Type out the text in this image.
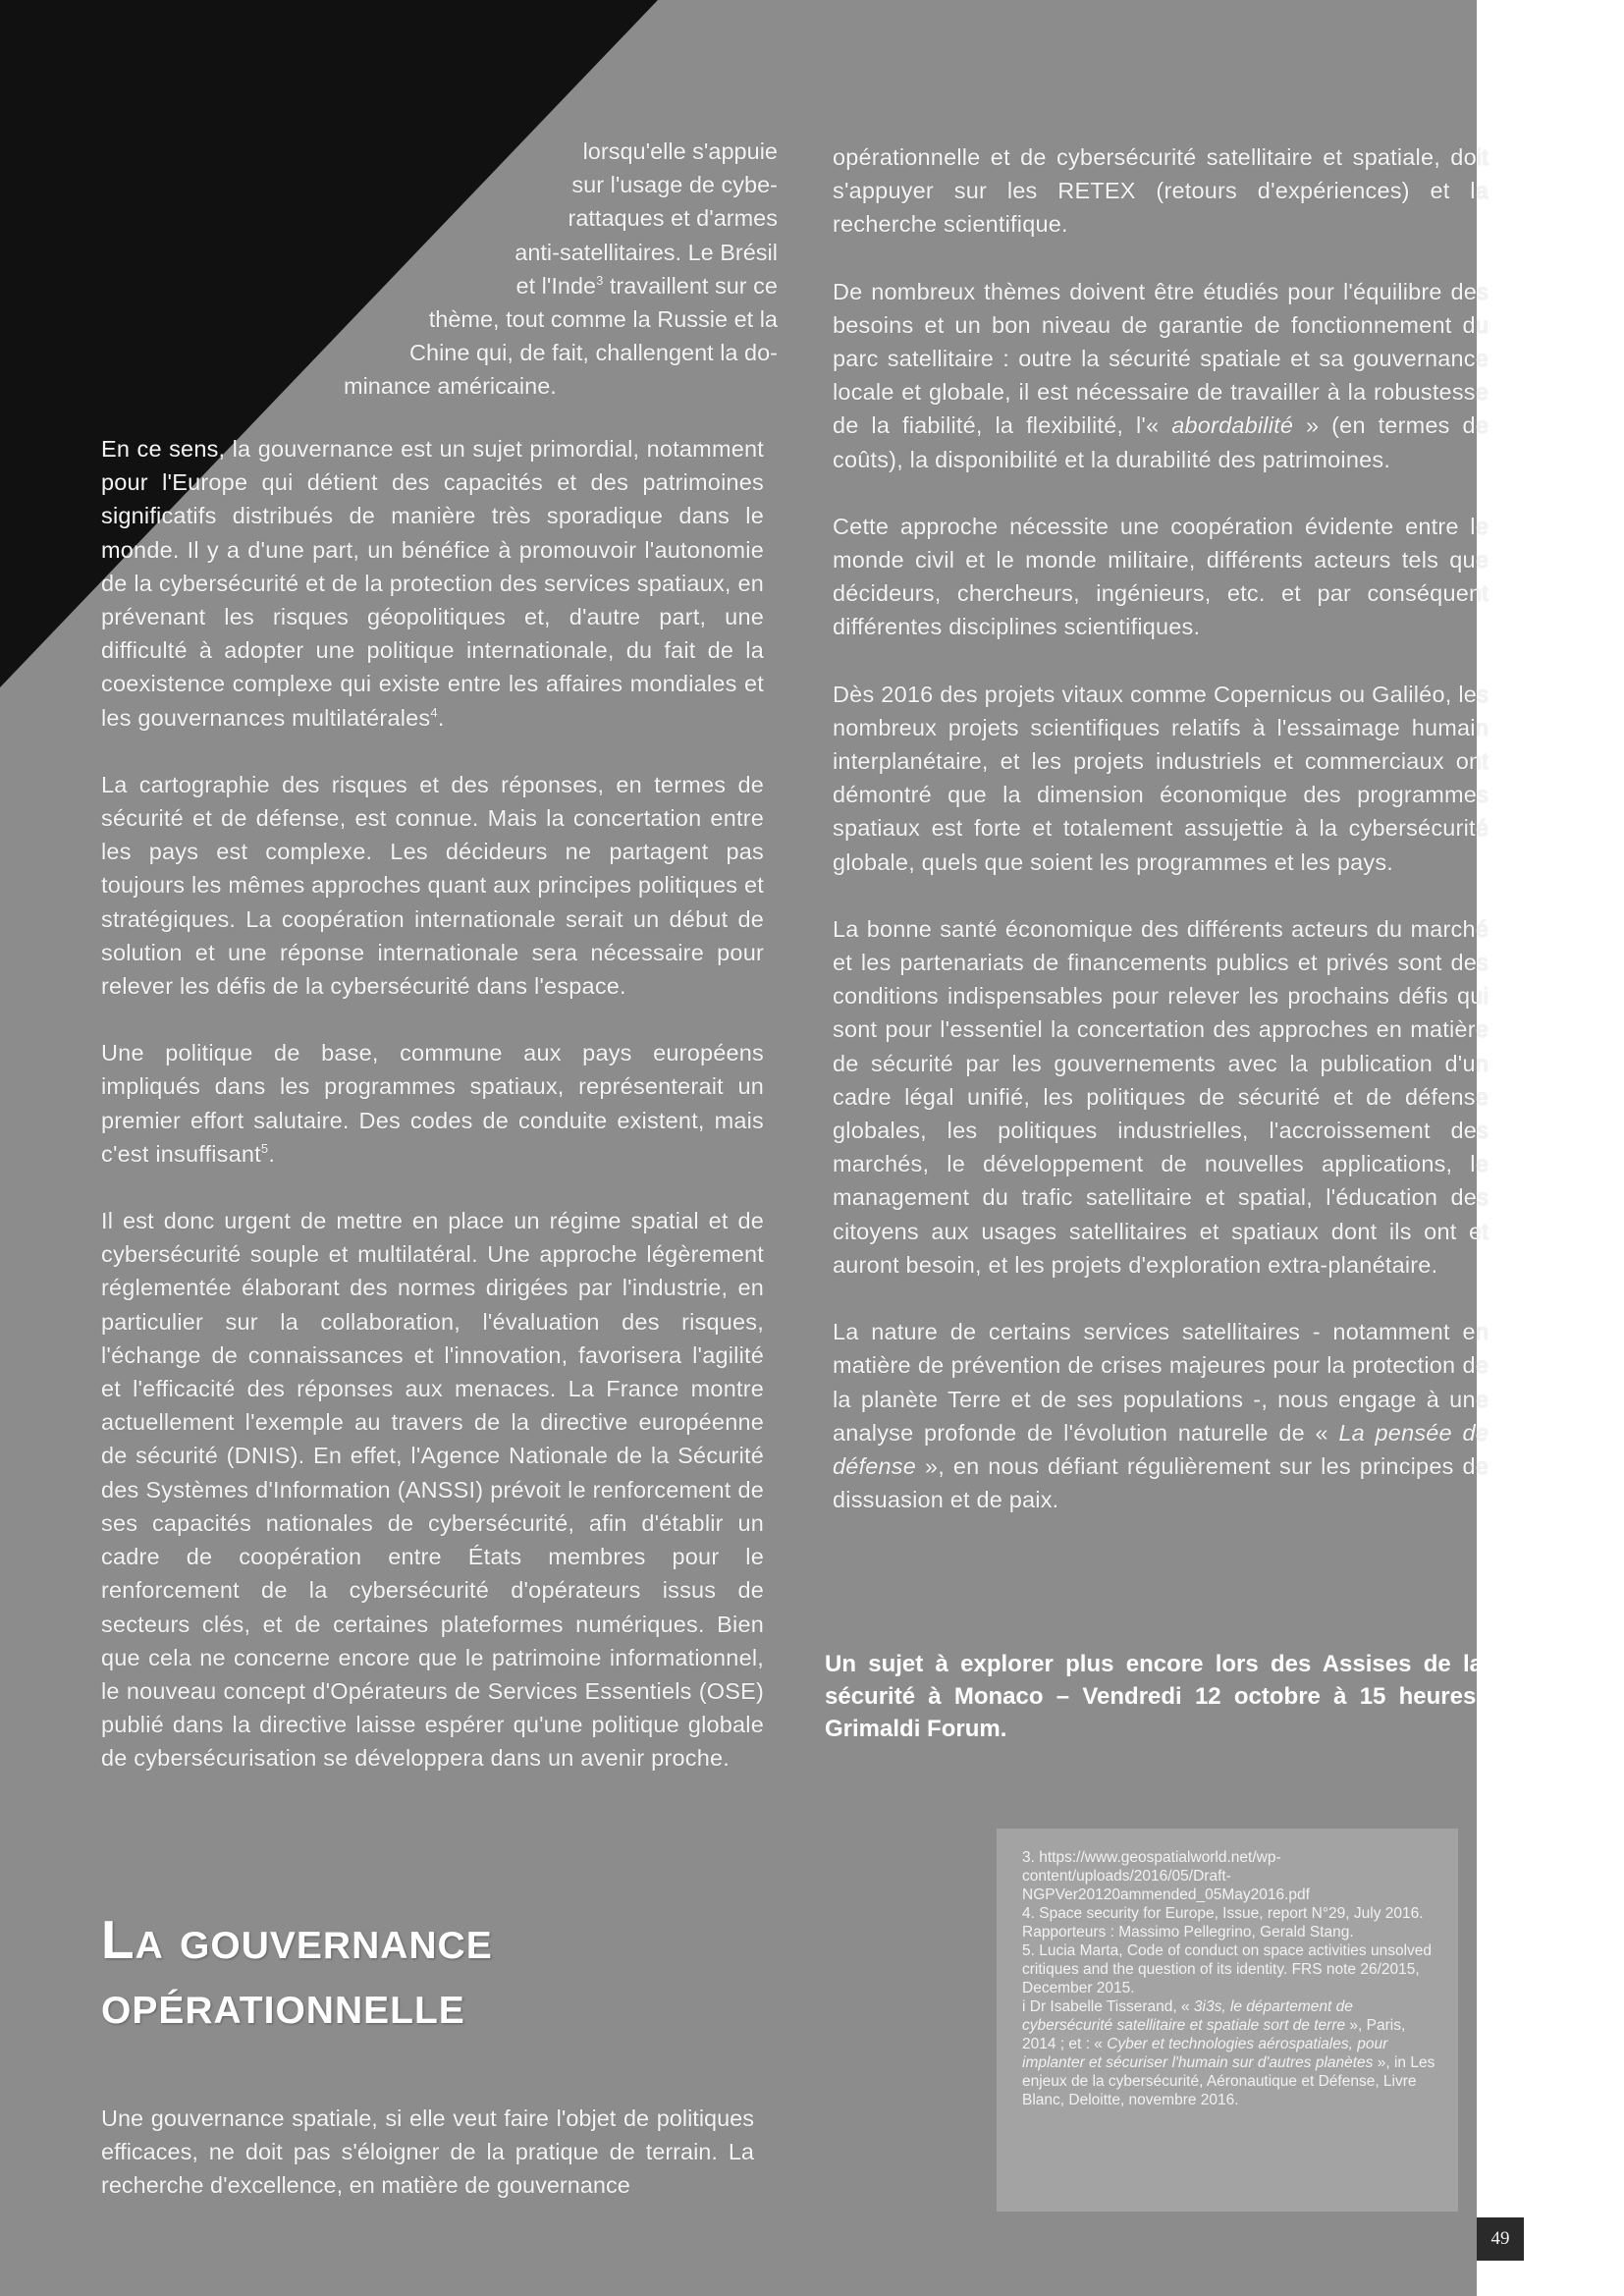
lorsqu'elle s'appuie
sur l'usage de cybe-
rattaques et d'armes
anti-satellitaires. Le Brésil
et l'Inde$^3$ travaillent sur ce
thème, tout comme la Russie et la
Chine qui, de fait, challengent la do-
minance américaine.

En ce sens, la gouvernance est un sujet primordial, notamment pour l'Europe qui détient des capacités et des patrimoines significatifs distribués de manière très sporadique dans le monde. Il y a d'une part, un bénéfice à promouvoir l'autonomie de la cybersécurité et de la protection des services spatiaux, en prévenant les risques géopolitiques et, d'autre part, une difficulté à adopter une politique internationale, du fait de la coexistence complexe qui existe entre les affaires mondiales et les gouvernances multilatérales$^4$.

La cartographie des risques et des réponses, en termes de sécurité et de défense, est connue. Mais la concertation entre les pays est complexe. Les décideurs ne partagent pas toujours les mêmes approches quant aux principes politiques et stratégiques. La coopération internationale serait un début de solution et une réponse internationale sera nécessaire pour relever les défis de la cybersécurité dans l'espace.

Une politique de base, commune aux pays européens impliqués dans les programmes spatiaux, représenterait un premier effort salutaire. Des codes de conduite existent, mais c'est insuffisant$^5$.

Il est donc urgent de mettre en place un régime spatial et de cybersécurité souple et multilatéral. Une approche légèrement réglementée élaborant des normes dirigées par l'industrie, en particulier sur la collaboration, l'évaluation des risques, l'échange de connaissances et l'innovation, favorisera l'agilité et l'efficacité des réponses aux menaces. La France montre actuellement l'exemple au travers de la directive européenne de sécurité (DNIS). En effet, l'Agence Nationale de la Sécurité des Systèmes d'Information (ANSSI) prévoit le renforcement de ses capacités nationales de cybersécurité, afin d'établir un cadre de coopération entre États membres pour le renforcement de la cybersécurité d'opérateurs issus de secteurs clés, et de certaines plateformes numériques. Bien que cela ne concerne encore que le patrimoine informationnel, le nouveau concept d'Opérateurs de Services Essentiels (OSE) publié dans la directive laisse espérer qu'une politique globale de cybersécurisation se développera dans un avenir proche.

La gouvernance
opérationnelle
Une gouvernance spatiale, si elle veut faire l'objet de politiques efficaces, ne doit pas s'éloigner de la pratique de terrain. La recherche d'excellence, en matière de gouvernance

opérationnelle et de cybersécurité satellitaire et spatiale, doit s'appuyer sur les RETEX (retours d'expériences) et la recherche scientifique.

De nombreux thèmes doivent être étudiés pour l'équilibre des besoins et un bon niveau de garantie de fonctionnement du parc satellitaire : outre la sécurité spatiale et sa gouvernance locale et globale, il est nécessaire de travailler à la robustesse de la fiabilité, la flexibilité, l'« abordabilité » (en termes de coûts), la disponibilité et la durabilité des patrimoines.

Cette approche nécessite une coopération évidente entre le monde civil et le monde militaire, différents acteurs tels que décideurs, chercheurs, ingénieurs, etc. et par conséquent différentes disciplines scientifiques.

Dès 2016 des projets vitaux comme Copernicus ou Galiléo, les nombreux projets scientifiques relatifs à l'essaimage humain interplanétaire, et les projets industriels et commerciaux ont démontré que la dimension économique des programmes spatiaux est forte et totalement assujettie à la cybersécurité globale, quels que soient les programmes et les pays.

La bonne santé économique des différents acteurs du marché et les partenariats de financements publics et privés sont des conditions indispensables pour relever les prochains défis qui sont pour l'essentiel la concertation des approches en matière de sécurité par les gouvernements avec la publication d'un cadre légal unifié, les politiques de sécurité et de défense globales, les politiques industrielles, l'accroissement des marchés, le développement de nouvelles applications, le management du trafic satellitaire et spatial, l'éducation des citoyens aux usages satellitaires et spatiaux dont ils ont et auront besoin, et les projets d'exploration extra-planétaire.

La nature de certains services satellitaires - notamment en matière de prévention de crises majeures pour la protection de la planète Terre et de ses populations -, nous engage à une analyse profonde de l'évolution naturelle de « La pensée de défense », en nous défiant régulièrement sur les principes de dissuasion et de paix.

Un sujet à explorer plus encore lors des Assises de la sécurité à Monaco – Vendredi 12 octobre à 15 heures, Grimaldi Forum.
3. https://www.geospatialworld.net/wp-content/uploads/2016/05/Draft-NGPVer20120ammended_05May2016.pdf
4. Space security for Europe, Issue, report N°29, July 2016. Rapporteurs : Massimo Pellegrino, Gerald Stang.
5. Lucia Marta, Code of conduct on space activities unsolved critiques and the question of its identity. FRS note 26/2015, December 2015.
i Dr Isabelle Tisserand, « 3i3s, le département de cybersécurité satellitaire et spatiale sort de terre », Paris, 2014 ; et : « Cyber et technologies aérospatiales, pour implanter et sécuriser l'humain sur d'autres planètes », in Les enjeux de la cybersécurité, Aéronautique et Défense, Livre Blanc, Deloitte, novembre 2016.
49
